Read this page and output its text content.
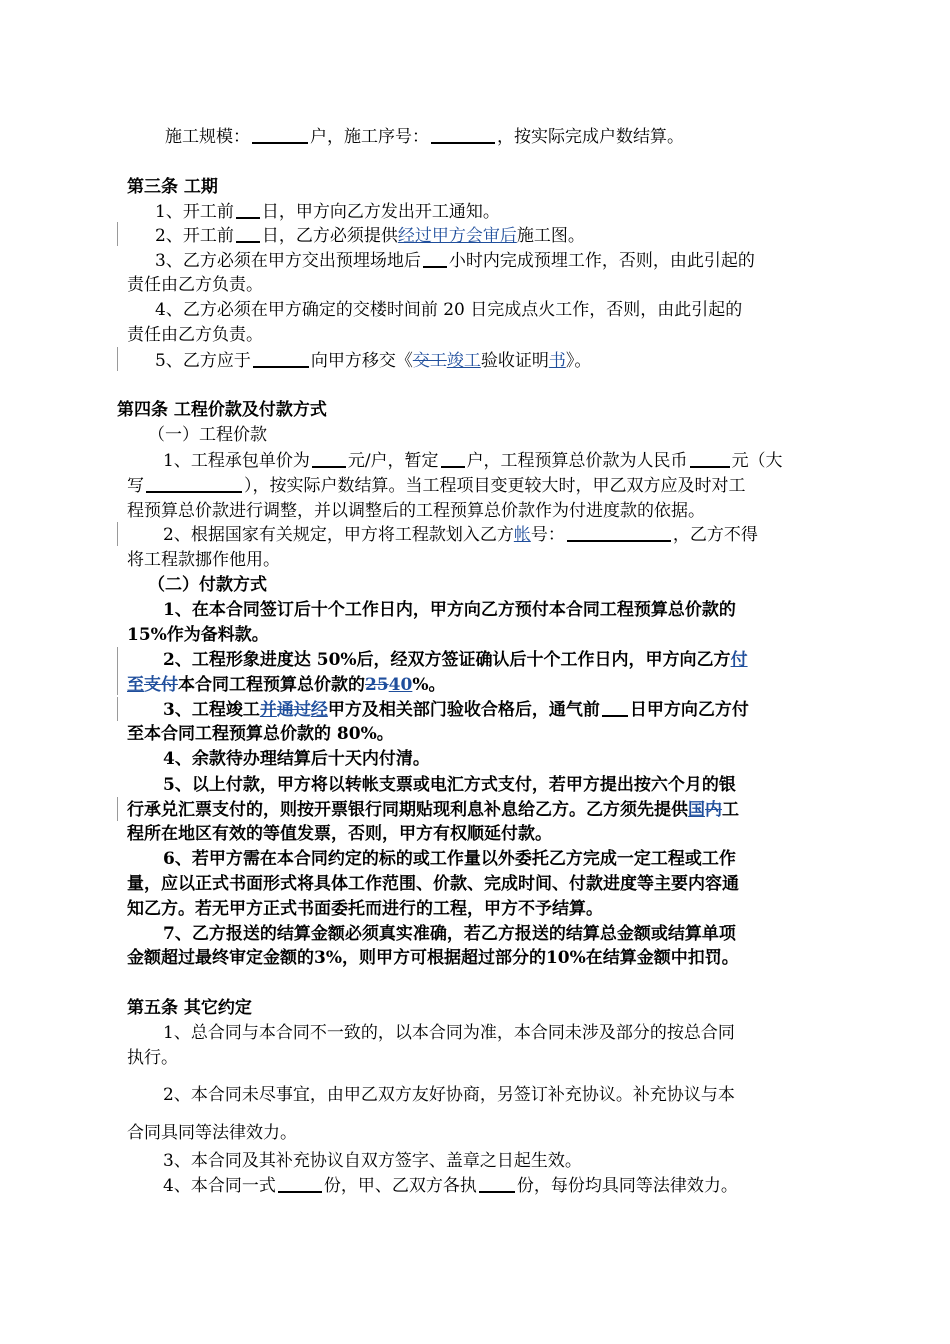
施工规模：	户，施工序号：	，按实际完成户数结算。
第三条 工期
1、开工前 日，甲方向乙方发出开工通知。
2、开工前 日，乙方必须提供经过甲方会审后施工图。
3、乙方必须在甲方交出预埋场地后 小时内完成预埋工作，否则，由此引起的
责任由乙方负责。
4、乙方必须在甲方确定的交楼时间前 20 日完成点火工作，否则，由此引起的
责任由乙方负责。
5、乙方应于	向甲方移交《交工竣工验收证明书》。
第四条 工程价款及付款方式
（一）工程价款
1、工程承包单价为 元/户，暂定 户，工程预算总价款为人民币	元（大
写	），按实际户数结算。当工程项目变更较大时，甲乙双方应及时对工
程预算总价款进行调整，并以调整后的工程预算总价款作为付进度款的依据。
2、根据国家有关规定，甲方将工程款划入乙方帐号：	，乙方不得
将工程款挪作他用。
（二）付款方式
1、在本合同签订后十个工作日内，甲方向乙方预付本合同工程预算总价款的
15%作为备料款。
2、工程形象进度达 50%后，经双方签证确认后十个工作日内，甲方向乙方付
至支付本合同工程预算总价款的2540%。
3、工程竣工并通过经甲方及相关部门验收合格后，通气前 日甲方向乙方付
至本合同工程预算总价款的 80%。
4、余款待办理结算后十天内付清。
5、以上付款，甲方将以转帐支票或电汇方式支付，若甲方提出按六个月的银
行承兑汇票支付的，则按开票银行同期贴现利息补息给乙方。乙方须先提供国内工
程所在地区有效的等值发票，否则，甲方有权顺延付款。
6、若甲方需在本合同约定的标的或工作量以外委托乙方完成一定工程或工作
量，应以正式书面形式将具体工作范围、价款、完成时间、付款进度等主要内容通
知乙方。若无甲方正式书面委托而进行的工程，甲方不予结算。
7、乙方报送的结算金额必须真实准确，若乙方报送的结算总金额或结算单项
金额超过最终审定金额的3%，则甲方可根据超过部分的10%在结算金额中扣罚。
第五条 其它约定
1、总合同与本合同不一致的，以本合同为准，本合同未涉及部分的按总合同
执行。
2、本合同未尽事宜，由甲乙双方友好协商，另签订补充协议。补充协议与本
合同具同等法律效力。
3、本合同及其补充协议自双方签字、盖章之日起生效。
4、本合同一式	份，甲、乙双方各执 份，每份均具同等法律效力。
